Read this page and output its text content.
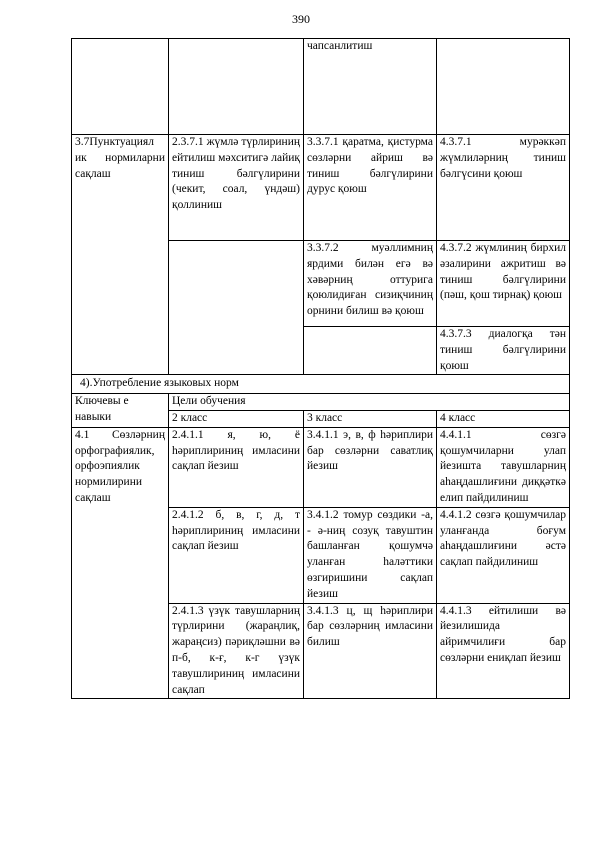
390
		чапсанлитиш	
3.7Пунктуациял ик нормиларни сақлаш	2.3.7.1 жүмлә түрлириниң ейтилиш мәхситигә лайиқ тиниш бәлгүлирини (чекит, соал, үндәш) қоллиниш	3.3.7.1 қаратма, қистурма сөзләрни айриш вә тиниш бәлгүлирини дурус қоюш	4.3.7.1 мурәккәп жүмлиләрниң тиниш бәлгүсини қоюш
		3.3.7.2 муәллимниң ярдими билән егә вә хәвәрниң оттурига қоюлидиған сизиқчиниң орнини билиш вә қоюш	4.3.7.2 жүмлиниң бирхил әзалирини ажритиш вә тиниш бәлгүлирини (пәш, қош тирнақ) қоюш
			4.3.7.3 диалогқа тән тиниш бәлгүлирини қоюш
4).Употребление языковых норм			
Ключевы е навыки	Цели обучения		
	2 класс	3 класс	4 класс
4.1 Сөзләрниң орфографиялик, орфоэпиялик нормилирини сақлаш	2.4.1.1 я, ю, ё һәриплириниң имласини сақлап йезиш	3.4.1.1 э, в, ф һәриплири бар сөзләрни саватлиқ йезиш	4.4.1.1 сөзгә қошумчиларни улап йезишта тавушларниң аһаңдашлиғини диққәткә елип пайдилиниш
	2.4.1.2 б, в, г, д, т һәриплириниң имласини сақлап йезиш	3.4.1.2 томур сөздики -а, - ә-ниң созуқ тавуштин башланған қошумчә уланған һаләттики өзгиришини сақлап йезиш	4.4.1.2 сөзгә қошумчилар уланғанда боғум аһаңдашлиғини әстә сақлап пайдилиниш
	2.4.1.3 үзүк тавушларниң түрлирини (жараңлиқ, жараңсиз) пәриқләшни вә п-б, к-ғ, к-г үзүк тавушлириниң имласини сақлап	3.4.1.3 ц, щ һәриплири бар сөзләрниң имласини билиш	4.4.1.3 ейтилиши вә йезилишида айримчилиғи бар сөзләрни ениқлап йезиш
